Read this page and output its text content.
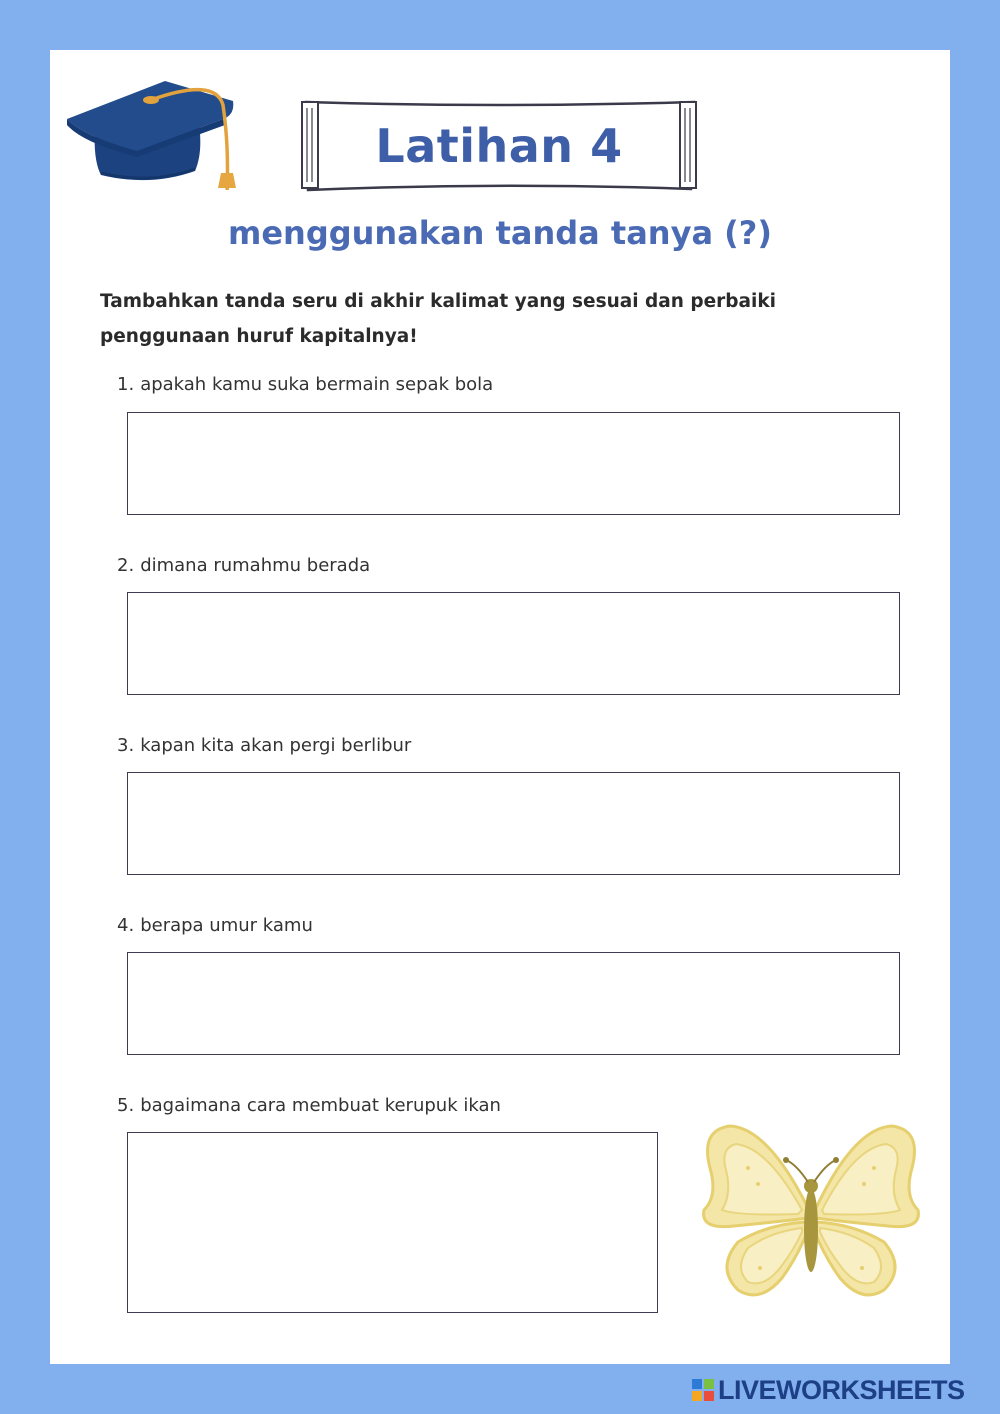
Latihan 4
menggunakan tanda tanya (?)
Tambahkan tanda seru di akhir kalimat yang sesuai dan perbaiki penggunaan huruf kapitalnya!
1. apakah kamu suka bermain sepak bola
2. dimana rumahmu berada
3. kapan kita akan pergi berlibur
4. berapa umur kamu
5. bagaimana cara membuat kerupuk ikan
LIVEWORKSHEETS
